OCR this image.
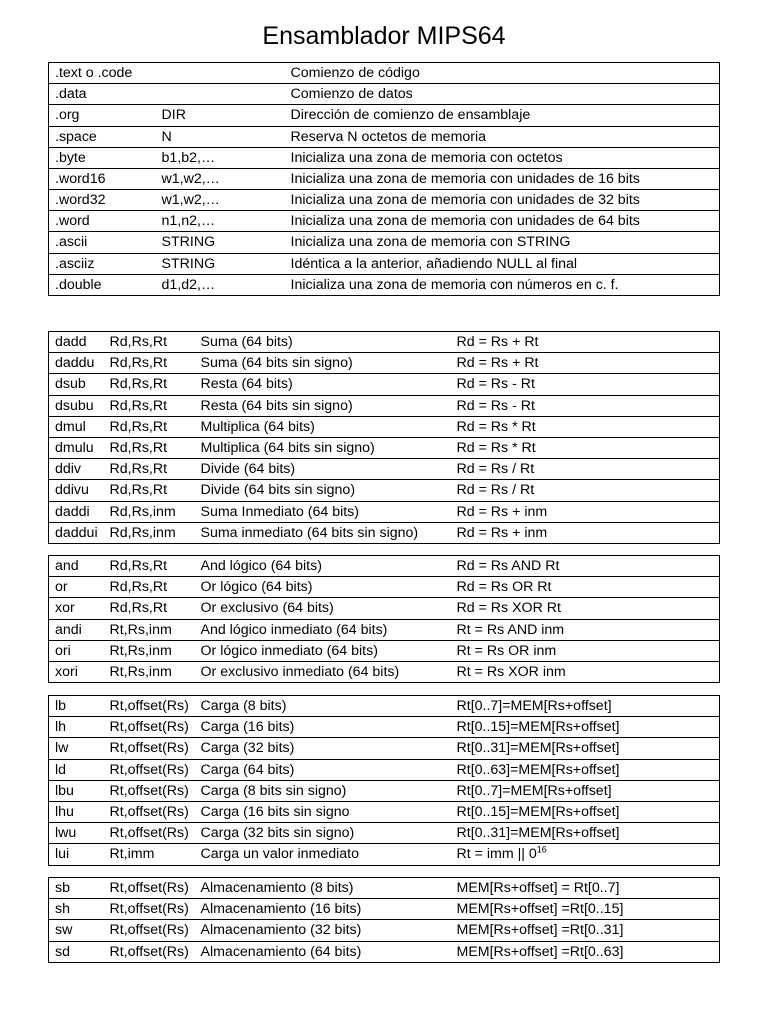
Ensamblador MIPS64
.text o .code		Comienzo de código
.data		Comienzo de datos
.org	DIR	Dirección de comienzo de ensamblaje
.space	N	Reserva N octetos de memoria
.byte	b1,b2,…	Inicializa una zona de memoria con octetos
.word16	w1,w2,…	Inicializa una zona de memoria con unidades de 16 bits
.word32	w1,w2,…	Inicializa una zona de memoria con unidades de 32 bits
.word	n1,n2,…	Inicializa una zona de memoria con unidades de 64 bits
.ascii	STRING	Inicializa una zona de memoria con STRING
.asciiz	STRING	Idéntica a la anterior, añadiendo NULL al final
.double	d1,d2,…	Inicializa una zona de memoria con números en c. f.
dadd	Rd,Rs,Rt	Suma (64 bits)	Rd = Rs + Rt
daddu	Rd,Rs,Rt	Suma (64 bits sin signo)	Rd = Rs + Rt
dsub	Rd,Rs,Rt	Resta (64 bits)	Rd = Rs - Rt
dsubu	Rd,Rs,Rt	Resta (64 bits sin signo)	Rd = Rs - Rt
dmul	Rd,Rs,Rt	Multiplica (64 bits)	Rd = Rs * Rt
dmulu	Rd,Rs,Rt	Multiplica (64 bits sin signo)	Rd = Rs * Rt
ddiv	Rd,Rs,Rt	Divide (64 bits)	Rd = Rs / Rt
ddivu	Rd,Rs,Rt	Divide (64 bits sin signo)	Rd = Rs / Rt
daddi	Rd,Rs,inm	Suma Inmediato (64 bits)	Rd = Rs + inm
daddui	Rd,Rs,inm	Suma inmediato (64 bits sin signo)	Rd = Rs + inm
and	Rd,Rs,Rt	And lógico (64 bits)	Rd = Rs AND Rt
or	Rd,Rs,Rt	Or lógico (64 bits)	Rd = Rs OR Rt
xor	Rd,Rs,Rt	Or exclusivo (64 bits)	Rd = Rs XOR Rt
andi	Rt,Rs,inm	And lógico inmediato (64 bits)	Rt = Rs AND inm
ori	Rt,Rs,inm	Or lógico inmediato (64 bits)	Rt = Rs OR inm
xori	Rt,Rs,inm	Or exclusivo inmediato (64 bits)	Rt = Rs XOR inm
lb	Rt,offset(Rs)	Carga (8 bits)	Rt[0..7]=MEM[Rs+offset]
lh	Rt,offset(Rs)	Carga (16 bits)	Rt[0..15]=MEM[Rs+offset]
lw	Rt,offset(Rs)	Carga (32 bits)	Rt[0..31]=MEM[Rs+offset]
ld	Rt,offset(Rs)	Carga (64 bits)	Rt[0..63]=MEM[Rs+offset]
lbu	Rt,offset(Rs)	Carga (8 bits sin signo)	Rt[0..7]=MEM[Rs+offset]
lhu	Rt,offset(Rs)	Carga (16 bits sin signo	Rt[0..15]=MEM[Rs+offset]
lwu	Rt,offset(Rs)	Carga (32 bits sin signo)	Rt[0..31]=MEM[Rs+offset]
lui	Rt,imm	Carga un valor inmediato	Rt = imm || $0^{16}$
sb	Rt,offset(Rs)	Almacenamiento (8 bits)	MEM[Rs+offset] = Rt[0..7]
sh	Rt,offset(Rs)	Almacenamiento (16 bits)	MEM[Rs+offset] =Rt[0..15]
sw	Rt,offset(Rs)	Almacenamiento (32 bits)	MEM[Rs+offset] =Rt[0..31]
sd	Rt,offset(Rs)	Almacenamiento (64 bits)	MEM[Rs+offset] =Rt[0..63]
